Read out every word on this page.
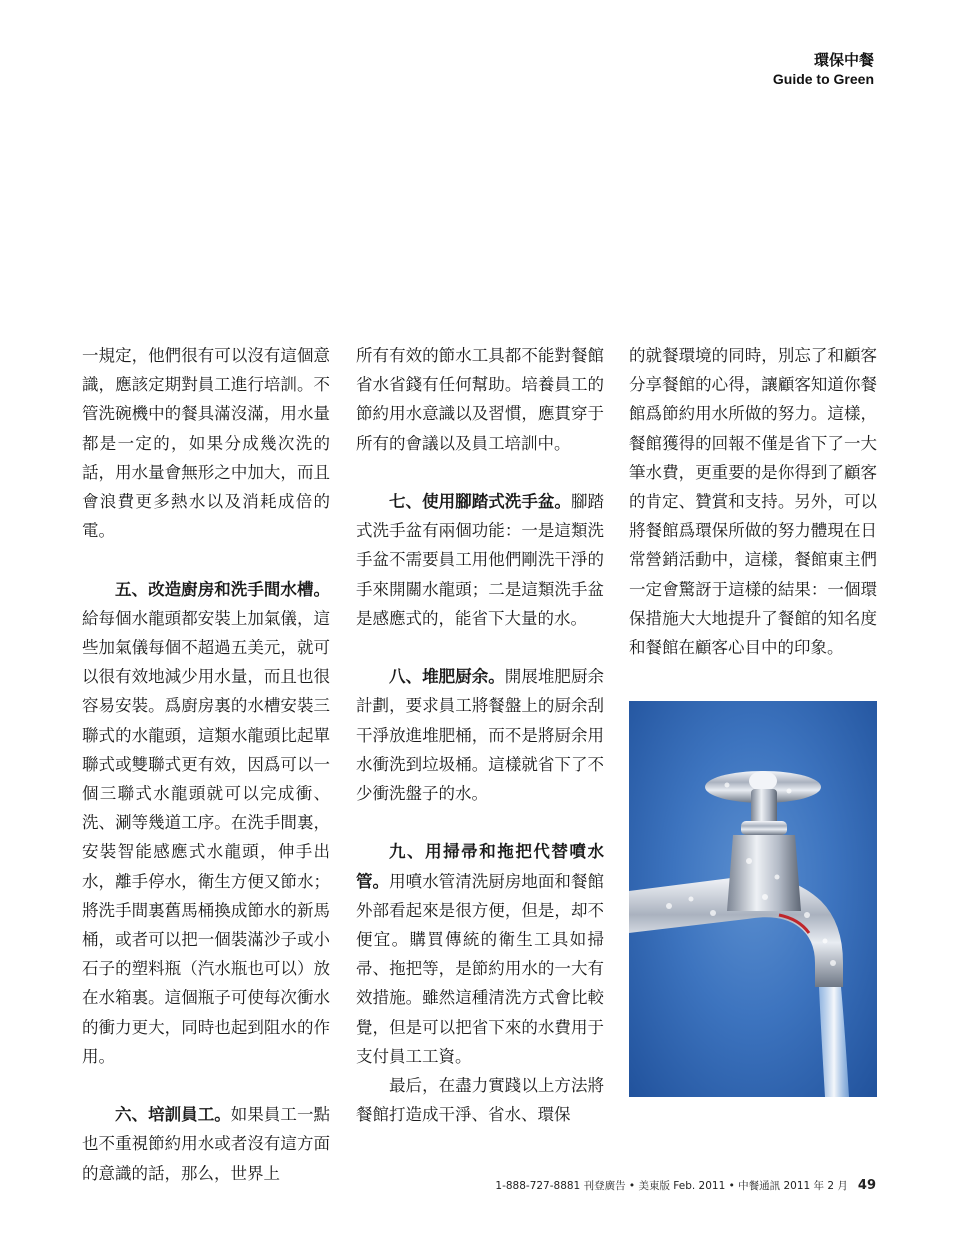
環保中餐
Guide to Green

一規定，他們很有可以沒有這個意識，應該定期對員工進行培訓。不管洗碗機中的餐具滿沒滿，用水量都是一定的，如果分成幾次洗的話，用水量會無形之中加大，而且會浪費更多熱水以及消耗成倍的電。

五、改造廚房和洗手間水槽。給每個水龍頭都安裝上加氣儀，這些加氣儀每個不超過五美元，就可以很有效地減少用水量，而且也很容易安裝。爲廚房裏的水槽安裝三聯式的水龍頭，這類水龍頭比起單聯式或雙聯式更有效，因爲可以一個三聯式水龍頭就可以完成衝、洗、涮等幾道工序。在洗手間裏，安裝智能感應式水龍頭，伸手出水，離手停水，衛生方便又節水；將洗手間裏舊馬桶換成節水的新馬桶，或者可以把一個裝滿沙子或小石子的塑料瓶（汽水瓶也可以）放在水箱裏。這個瓶子可使每次衝水的衝力更大，同時也起到阻水的作用。

六、培訓員工。如果員工一點也不重視節約用水或者沒有這方面的意識的話，那么，世界上

所有有效的節水工具都不能對餐館省水省錢有任何幫助。培養員工的節約用水意識以及習慣，應貫穿于所有的會議以及員工培訓中。

七、使用腳踏式洗手盆。腳踏式洗手盆有兩個功能：一是這類洗手盆不需要員工用他們剛洗干淨的手來開關水龍頭；二是這類洗手盆是感應式的，能省下大量的水。

八、堆肥厨余。開展堆肥厨余計劃，要求員工將餐盤上的厨余刮干淨放進堆肥桶，而不是將厨余用水衝洗到垃圾桶。這樣就省下了不少衝洗盤子的水。

九、用掃帚和拖把代替噴水管。用噴水管清洗厨房地面和餐館外部看起來是很方便，但是，却不便宜。購買傳統的衛生工具如掃帚、拖把等，是節約用水的一大有效措施。雖然這種清洗方式會比較覺，但是可以把省下來的水費用于支付員工工資。

最后，在盡力實踐以上方法將餐館打造成干淨、省水、環保

的就餐環境的同時，別忘了和顧客分享餐館的心得，讓顧客知道你餐館爲節約用水所做的努力。這樣，餐館獲得的回報不僅是省下了一大筆水費，更重要的是你得到了顧客的肯定、贊賞和支持。另外，可以將餐館爲環保所做的努力體現在日常營銷活動中，這樣，餐館東主們一定會驚訝于這樣的結果：一個環保措施大大地提升了餐館的知名度和餐館在顧客心目中的印象。

1-888-727-8881 刊登廣告 • 美東版 Feb. 2011 • 中餐通訊 2011 年 2 月 49
